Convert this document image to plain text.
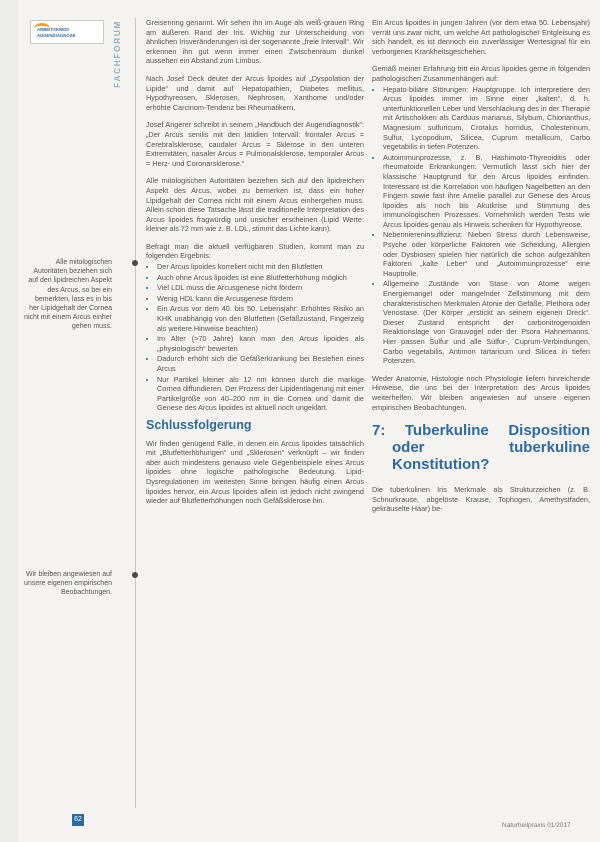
ARBEITSKREIS
AUGENDIAGNOSE	FACHFORUM
Alle mitologischen Autoritäten beziehen sich auf den lipidreichen Aspekt des Arcus, so bei ein bemerkten, lass es in bis her Lipidgehalt der Cornea nicht mit einem Arcus einher gehen muss.
Wir bleiben angewiesen auf unsere eigenen empirischen Beobachtungen.

Greisenring genannt. Wir sehen ihn im Auge als weiß-grauen Ring am äußeren Rand der Iris. Wichtig zur Unterscheidung von ähnlichen Irisveränderungen ist der sogenannte „freie Intervall“. Wir erkennen ihn gut wenn immer einen Zwischenraum dunkel aussehen ein Abstand zum Limbus.

Nach Josef Deck deutet der Arcus lipoides auf „Dyspolation der Lipide“ und damit auf Hepatopathien, Diabetes mellitus, Hypothyreosen, Sklerosen, Nephrosen, Xanthome und/oder erhöhte Carcinom-Tendenz bei Rheumatikern.

Josef Angerer schreibt in seinem „Handbuch der Augendiagnostik“: „Der Arcus senilis mit den latidien Intervall: frontaler Arcus = Cerebralsklerose, caudaler Arcus = Sklerose in den unteren Extremitäten, nasaler Arcus = Pulmonalsklerose, temporaler Arcus = Herz- und Coronarsklerose.“

Alle mitologischen Autoritäten beziehen sich auf den lipidreichen Aspekt des Arcus, wobei zu bemerken ist, dass ein hoher Lipidgehalt der Cornea nicht mit einem Arcus einhergehen muss. Allein schon diese Tatsache lässt die traditionelle Interpretation des Arcus lipoides fragwürdig und unsicher erscheinen (Lipid Werte: kleiner als 72 mm wie z. B. LDL, stimmt das Lichte kann).

Befragt man die aktuell verfügbaren Studien, kommt man zu folgenden Ergebnis:

• Der Arcus lipoides korreliert nicht mit den Blutfetten
• Auch ohne Arcus lipoides ist eine Blutfetterhöhung möglich
• Viel LDL muss die Arcusgenese nicht fördern
• Wenig HDL kann die Arcusgenese fördern
• Ein Arcus vor dem 40. bis 50. Lebensjahr: Erhöhtes Risiko an KHK unabhängig von den Blutfetten (Gefäßzustand, Fingerzeig als weitere Hinweise beachten)
• Im Alter (>70 Jahre) kann man den Arcus lipoides als „physiologisch“ bewerten
• Dadurch erhöht sich die Gefäßerkrankung bei Bestehen eines Arcus
• Nur Partikel kleiner als 12 nm können durch die markige Cornea diffundieren. Der Prozess der Lipidentlagerung mit einer Partikelgröße von 40–200 nm in die Cornea und damit die Genese des Arcus lipoides ist aktuell noch ungeklärt.
Schlussfolgerung

Wir finden genügend Fälle, in denen ein Arcus lipoides tatsächlich mit „Blutfetterhöhungen“ und „Sklerosen“ verknüpft – wir finden aber auch mindestens genauso viele Gegenbeispiele eines Arcus lipoides ohne logische pathologische Bedeutung. Lipid-Dysregulationen im weitesten Sinne bringen häufig einen Arcus lipoides hervor, ein Arcus lipoides allein ist jedoch nicht zwingend wieder auf Blutfetterhöhungen noch Gefäßsklerose hin.

Ein Arcus lipoides in jungen Jahren (vor dem etwa 50. Lebensjahr) verrät uns zwar nicht, um welche Art pathologischer Entgleisung es sich handelt, es ist dennoch ein zuverlässiger Wertesignal für ein verborgenes Krankheitsgeschehen.

Gemäß meiner Erfahrung tritt ein Arcus lipoides gerne in folgenden pathologischen Zusammenhängen auf:

• Hepato-biliäre Störungen: Hauptgruppe. Ich interpretiere den Arcus lipoides immer im Sinne einer „kalten“, d. h. unterfunktionellen Leber und Verschlackung des in der Therapie mit Artischokken als Carduus marianus, Silybum, Chionanthus, Magnesium sulfuricum, Crotalus horridus, Cholesterinum, Sulfur, Lycopodium, Silicea, Cuprum metallicum, Carbo vegetabilis in tiefen Potenzen.
• Autoimmunprozesse, z. B. Hashimoto-Thyreoiditis oder rheumatoide Erkrankungen: Vermutlich lässt sich hier der klassische Hauptgrund für den Arcus lipoides einfinden. Interessant ist die Korrelation von häufigen Nagelbetten an den Fingern sowie fast ihre Amelie parallel zur Genese des Arcus lipoides als noch bis Akutkrise und Stimmung des immunologischen Prozesses. Vornehmlich werden Tests wie Arcus lipoides genau als Hinweis schenken für Hypothyreose.
• Nebenniereninsuffizienz: Nieben Stress durch Lebensweise, Psyche oder körperliche Faktoren wie Scheidung, Allergien oder Dysbiosen spielen hier natürlich die schon aufgezählten Faktoren „kalte Leber“ und „Autoimmunprozesse“ eine Hauptrolle.
• Allgemeine Zustände von Stase von Atome wegen Energiemangel oder mangelnder Zellstimmung mit dem charakteristischen Merkmalen Atonie der Gefäße, Plethora oder Venostase. (Der Körper „erstickt an seinem eigenen Dreck“. Dieser Zustand entspricht der carbonitrogenoiden Reaktionslage von Grauvogel oder der Psora Hahnemanns. Hier passen Sulfur und alle Sulfur-, Cuprum-Verbindungen, Carbo vegetabilis, Antimon tartaricum und Silicea in tiefen Potenzen.

Weder Anatomie, Histologie noch Physiologie liefern hinreichende Hinweise, die uns bei der Interpretation des Arcus lipoides weiterhelfen. Wir bleiben angewiesen auf unsere eigenen empirischen Beobachtungen.

7: Tuberkuline Disposition oder tuberkuline Konstitution?

Die tuberkulinen Iris Merkmale als Strukturzeichen (z. B. Schnurkrause, abgelöste Krause, Tophogen, Amethystfaden, gekräuselte Haar) be-

62
Naturheilpraxis 01/2017
